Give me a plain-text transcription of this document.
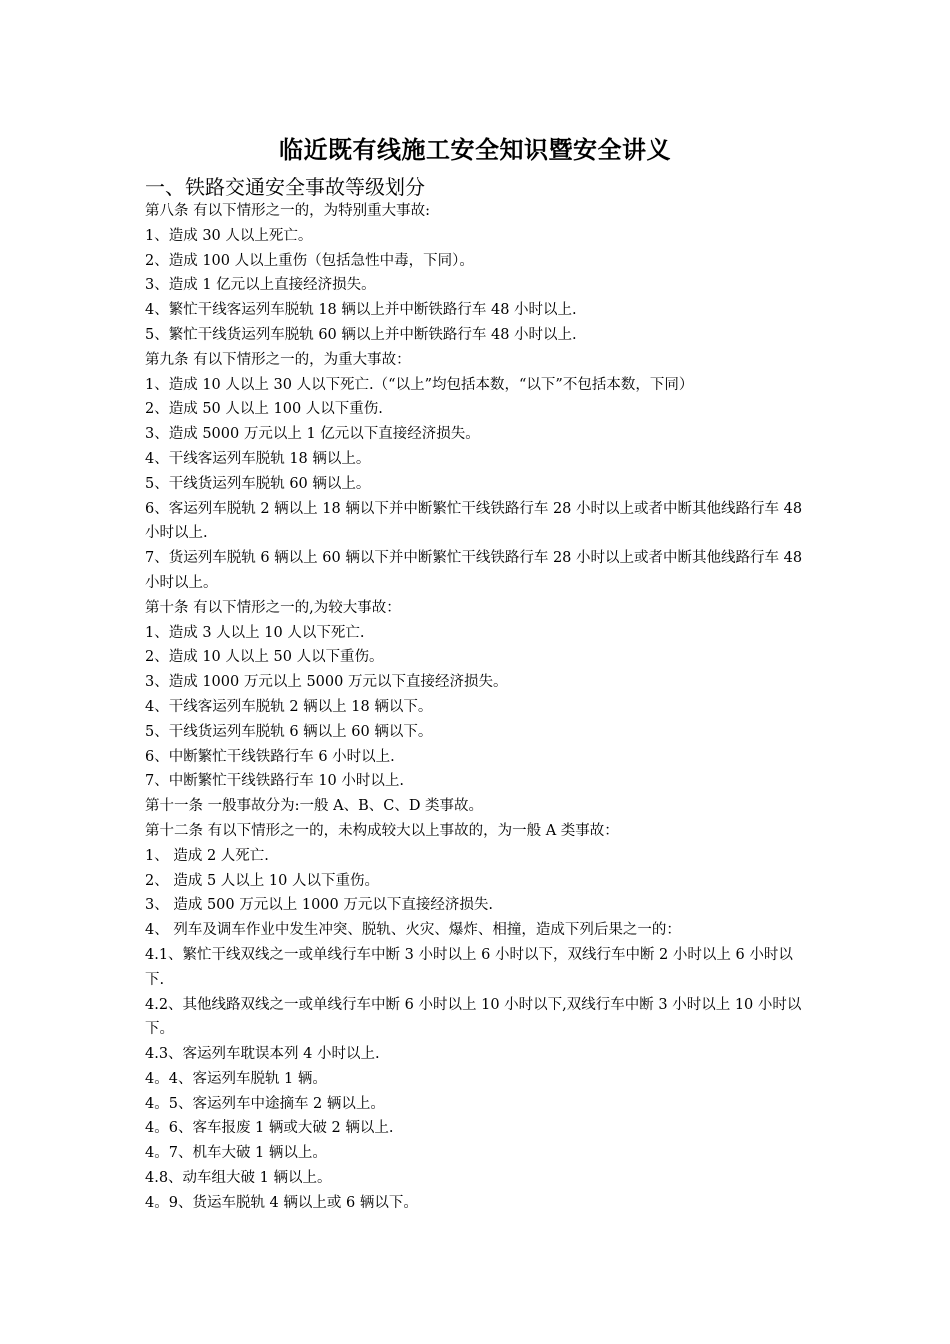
临近既有线施工安全知识暨安全讲义
一、铁路交通安全事故等级划分

第八条 有以下情形之一的，为特别重大事故:

1、造成 30 人以上死亡。

2、造成 100 人以上重伤（包括急性中毒，下同）。

3、造成 1 亿元以上直接经济损失。

4、繁忙干线客运列车脱轨 18 辆以上并中断铁路行车 48 小时以上.

5、繁忙干线货运列车脱轨 60 辆以上并中断铁路行车 48 小时以上.

第九条 有以下情形之一的，为重大事故：

1、造成 10 人以上 30 人以下死亡.（“以上”均包括本数，“以下”不包括本数，下同）

2、造成 50 人以上 100 人以下重伤.

3、造成 5000 万元以上 1 亿元以下直接经济损失。

4、干线客运列车脱轨 18 辆以上。

5、干线货运列车脱轨 60 辆以上。

6、客运列车脱轨 2 辆以上 18 辆以下并中断繁忙干线铁路行车 28 小时以上或者中断其他线路行车 48 小时以上.

7、货运列车脱轨 6 辆以上 60 辆以下并中断繁忙干线铁路行车 28 小时以上或者中断其他线路行车 48 小时以上。

第十条 有以下情形之一的,为较大事故：

1、造成 3 人以上 10 人以下死亡.

2、造成 10 人以上 50 人以下重伤。

3、造成 1000 万元以上 5000 万元以下直接经济损失。

4、干线客运列车脱轨 2 辆以上 18 辆以下。

5、干线货运列车脱轨 6 辆以上 60 辆以下。

6、中断繁忙干线铁路行车 6 小时以上.

7、中断繁忙干线铁路行车 10 小时以上.

第十一条 一般事故分为:一般 A、B、C、D 类事故。

第十二条 有以下情形之一的，未构成较大以上事故的，为一般 A 类事故：

1、 造成 2 人死亡.

2、 造成 5 人以上 10 人以下重伤。

3、 造成 500 万元以上 1000 万元以下直接经济损失.

4、 列车及调车作业中发生冲突、脱轨、火灾、爆炸、相撞，造成下列后果之一的：

4.1、繁忙干线双线之一或单线行车中断 3 小时以上 6 小时以下，双线行车中断 2 小时以上 6 小时以下.

4.2、其他线路双线之一或单线行车中断 6 小时以上 10 小时以下,双线行车中断 3 小时以上 10 小时以下。

4.3、客运列车耽误本列 4 小时以上.

4。4、客运列车脱轨 1 辆。

4。5、客运列车中途摘车 2 辆以上。

4。6、客车报废 1 辆或大破 2 辆以上.

4。7、机车大破 1 辆以上。

4.8、动车组大破 1 辆以上。

4。9、货运车脱轨 4 辆以上或 6 辆以下。
